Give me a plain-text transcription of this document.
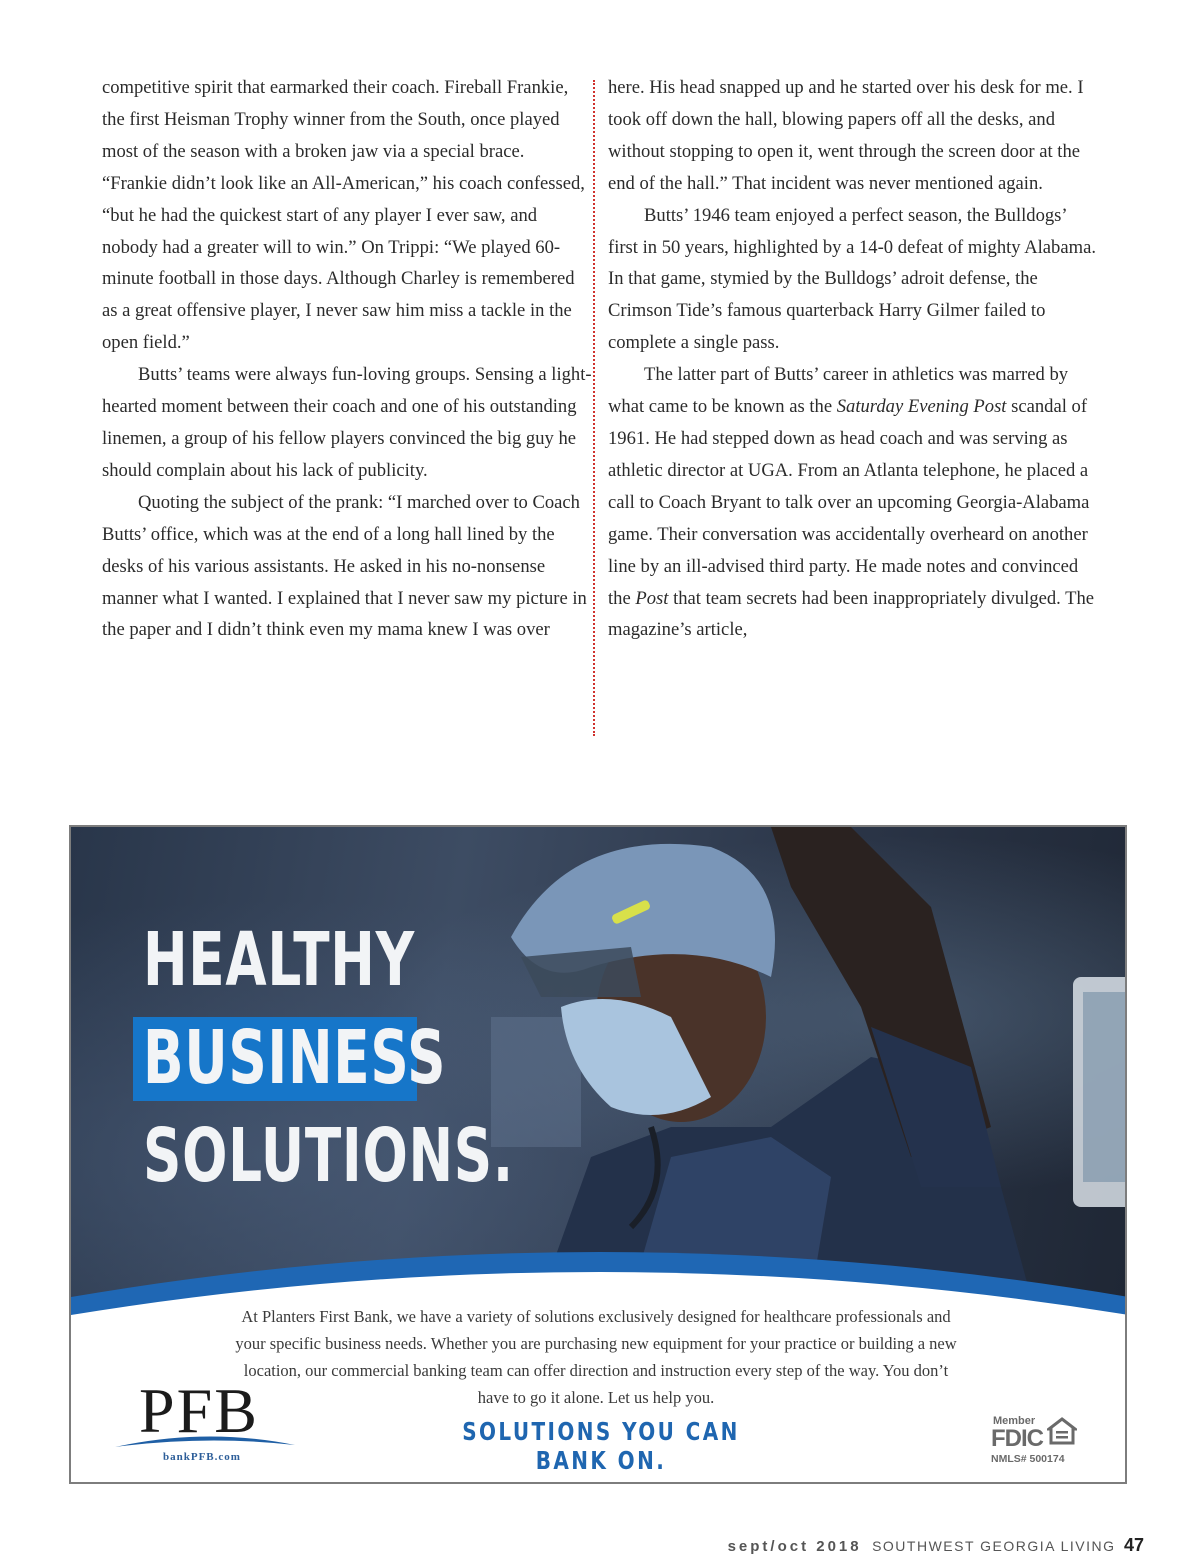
competitive spirit that earmarked their coach. Fireball Frankie, the first Heisman Trophy winner from the South, once played most of the season with a broken jaw via a special brace. “Frankie didn’t look like an All-American,” his coach confessed, “but he had the quickest start of any player I ever saw, and nobody had a greater will to win.” On Trippi: “We played 60-minute football in those days. Although Charley is remembered as a great offensive player, I never saw him miss a tackle in the open field.”

Butts’ teams were always fun-loving groups. Sensing a light-hearted moment between their coach and one of his outstanding linemen, a group of his fellow players convinced the big guy he should complain about his lack of publicity.

Quoting the subject of the prank: “I marched over to Coach Butts’ office, which was at the end of a long hall lined by the desks of his various assistants. He asked in his no-nonsense manner what I wanted. I explained that I never saw my picture in the paper and I didn’t think even my mama knew I was over

here. His head snapped up and he started over his desk for me. I took off down the hall, blowing papers off all the desks, and without stopping to open it, went through the screen door at the end of the hall.” That incident was never mentioned again.

Butts’ 1946 team enjoyed a perfect season, the Bulldogs’ first in 50 years, highlighted by a 14-0 defeat of mighty Alabama. In that game, stymied by the Bulldogs’ adroit defense, the Crimson Tide’s famous quarterback Harry Gilmer failed to complete a single pass.

The latter part of Butts’ career in athletics was marred by what came to be known as the Saturday Evening Post scandal of 1961. He had stepped down as head coach and was serving as athletic director at UGA. From an Atlanta telephone, he placed a call to Coach Bryant to talk over an upcoming Georgia-Alabama game. Their conversation was accidentally overheard on another line by an ill-advised third party. He made notes and convinced the Post that team secrets had been inappropriately divulged. The magazine’s article,

HEALTHY
BUSINESS
SOLUTIONS.
At Planters First Bank, we have a variety of solutions exclusively designed for healthcare professionals and your specific business needs. Whether you are purchasing new equipment for your practice or building a new location, our commercial banking team can offer direction and instruction every step of the way. You don’t have to go it alone. Let us help you.
PFB
bankPFB.com
SOLUTIONS YOU CAN BANK ON.
Member
FDIC
NMLS# 500174
sept/oct 2018 SOUTHWEST GEORGIA LIVING 47
